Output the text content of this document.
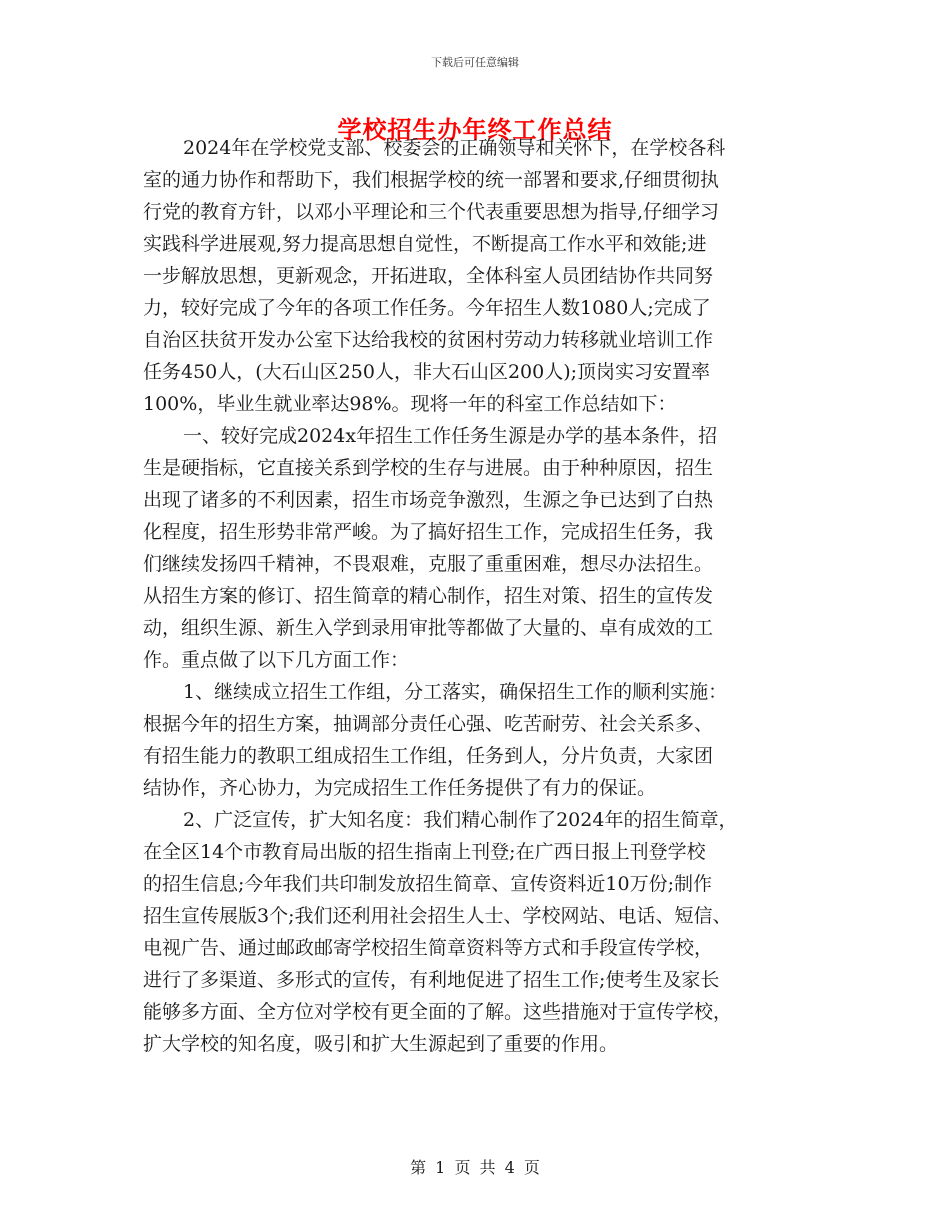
下载后可任意编辑
学校招生办年终工作总结
2024年在学校党支部、校委会的正确领导和关怀下，在学校各科
室的通力协作和帮助下，我们根据学校的统一部署和要求,仔细贯彻执
行党的教育方针，以邓小平理论和三个代表重要思想为指导,仔细学习
实践科学进展观,努力提高思想自觉性，不断提高工作水平和效能;进
一步解放思想，更新观念，开拓进取，全体科室人员团结协作共同努
力，较好完成了今年的各项工作任务。今年招生人数1080人;完成了
自治区扶贫开发办公室下达给我校的贫困村劳动力转移就业培训工作
任务450人，(大石山区250人，非大石山区200人);顶岗实习安置率
100%，毕业生就业率达98%。现将一年的科室工作总结如下：
一、较好完成2024x年招生工作任务生源是办学的基本条件，招
生是硬指标，它直接关系到学校的生存与进展。由于种种原因，招生
出现了诸多的不利因素，招生市场竞争激烈，生源之争已达到了白热
化程度，招生形势非常严峻。为了搞好招生工作，完成招生任务，我
们继续发扬四千精神，不畏艰难，克服了重重困难，想尽办法招生。
从招生方案的修订、招生简章的精心制作，招生对策、招生的宣传发
动，组织生源、新生入学到录用审批等都做了大量的、卓有成效的工
作。重点做了以下几方面工作：
1、继续成立招生工作组，分工落实，确保招生工作的顺利实施：
根据今年的招生方案，抽调部分责任心强、吃苦耐劳、社会关系多、
有招生能力的教职工组成招生工作组，任务到人，分片负责，大家团
结协作，齐心协力，为完成招生工作任务提供了有力的保证。
2、广泛宣传，扩大知名度：我们精心制作了2024年的招生简章，
在全区14个市教育局出版的招生指南上刊登;在广西日报上刊登学校
的招生信息;今年我们共印制发放招生简章、宣传资料近10万份;制作
招生宣传展版3个;我们还利用社会招生人士、学校网站、电话、短信、
电视广告、通过邮政邮寄学校招生简章资料等方式和手段宣传学校，
进行了多渠道、多形式的宣传，有利地促进了招生工作;使考生及家长
能够多方面、全方位对学校有更全面的了解。这些措施对于宣传学校，
扩大学校的知名度，吸引和扩大生源起到了重要的作用。
第 1 页 共 4 页
